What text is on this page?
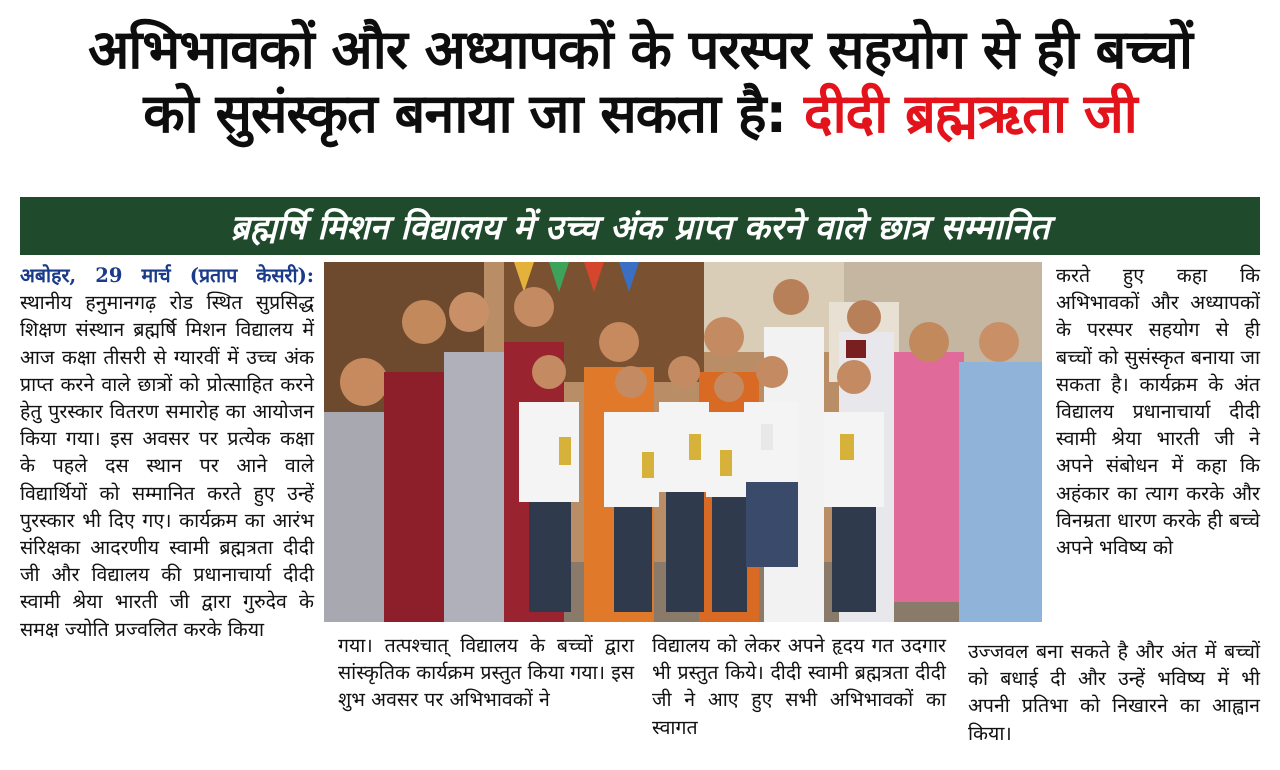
अभिभावकों और अध्यापकों के परस्पर सहयोग से ही बच्चों
को सुसंस्कृत बनाया जा सकता है: दीदी ब्रह्मऋता जी
ब्रह्मर्षि मिशन विद्यालय में उच्च अंक प्राप्त करने वाले छात्र सम्मानित

अबोहर, 29 मार्च (प्रताप केसरी): स्थानीय हनुमानगढ़ रोड स्थित सुप्रसिद्ध शिक्षण संस्थान ब्रह्मर्षि मिशन विद्यालय में आज कक्षा तीसरी से ग्यारवीं में उच्च अंक प्राप्त करने वाले छात्रों को प्रोत्साहित करने हेतु पुरस्कार वितरण समारोह का आयोजन किया गया। इस अवसर पर प्रत्येक कक्षा के पहले दस स्थान पर आने वाले विद्यार्थियों को सम्मानित करते हुए उन्हें पुरस्कार भी दिए गए। कार्यक्रम का आरंभ संरिक्षका आदरणीय स्वामी ब्रह्मत्रता दीदी जी और विद्यालय की प्रधानाचार्या दीदी स्वामी श्रेया भारती जी द्वारा गुरुदेव के समक्ष ज्योति प्रज्वलित करके किया

करते हुए कहा कि अभिभावकों और अध्यापकों के परस्पर सहयोग से ही बच्चों को सुसंस्कृत बनाया जा सकता है। कार्यक्रम के अंत विद्यालय प्रधानाचार्या दीदी स्वामी श्रेया भारती जी ने अपने संबोधन में कहा कि अहंकार का त्याग करके और विनम्रता धारण करके ही बच्चे अपने भविष्य को

गया। तत्पश्चात् विद्यालय के बच्चों द्वारा सांस्कृतिक कार्यक्रम प्रस्तुत किया गया। इस शुभ अवसर पर अभिभावकों ने

विद्यालय को लेकर अपने हृदय गत उदगार भी प्रस्तुत किये। दीदी स्वामी ब्रह्मत्रता दीदी जी ने आए हुए सभी अभिभावकों का स्वागत

उज्जवल बना सकते है और अंत में बच्चों को बधाई दी और उन्हें भविष्य में भी अपनी प्रतिभा को निखारने का आह्वान किया।
